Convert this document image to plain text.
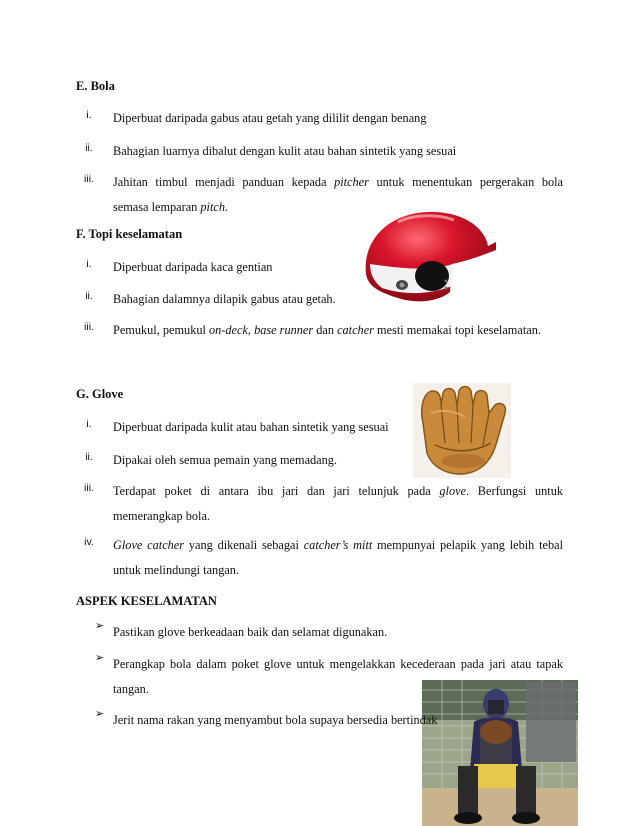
E. Bola
i.	Diperbuat daripada gabus atau getah yang dililit dengan benang
ii.	Bahagian luarnya dibalut dengan kulit atau bahan sintetik yang sesuai
iii.	Jahitan timbul menjadi panduan kepada pitcher untuk menentukan pergerakan bola
semasa lemparan pitch.
F. Topi keselamatan
i.	Diperbuat daripada kaca gentian
ii.	Bahagian dalamnya dilapik gabus atau getah.
iii.	Pemukul, pemukul on-deck, base runner dan catcher mesti memakai topi keselamatan.
G. Glove
i.	Diperbuat daripada kulit atau bahan sintetik yang sesuai
ii.	Dipakai oleh semua pemain yang memadang.
iii.	Terdapat poket di antara ibu jari dan jari telunjuk pada glove. Berfungsi untuk
memerangkap bola.
iv.	Glove catcher yang dikenali sebagai catcher’s mitt mempunyai pelapik yang lebih tebal
untuk melindungi tangan.
ASPEK KESELAMATAN
➢ Pastikan glove berkeadaan baik dan selamat digunakan.
➢ Perangkap bola dalam poket glove untuk mengelakkan kecederaan pada jari atau tapak
tangan.
➢ Jerit nama rakan yang menyambut bola supaya bersedia bertindak
